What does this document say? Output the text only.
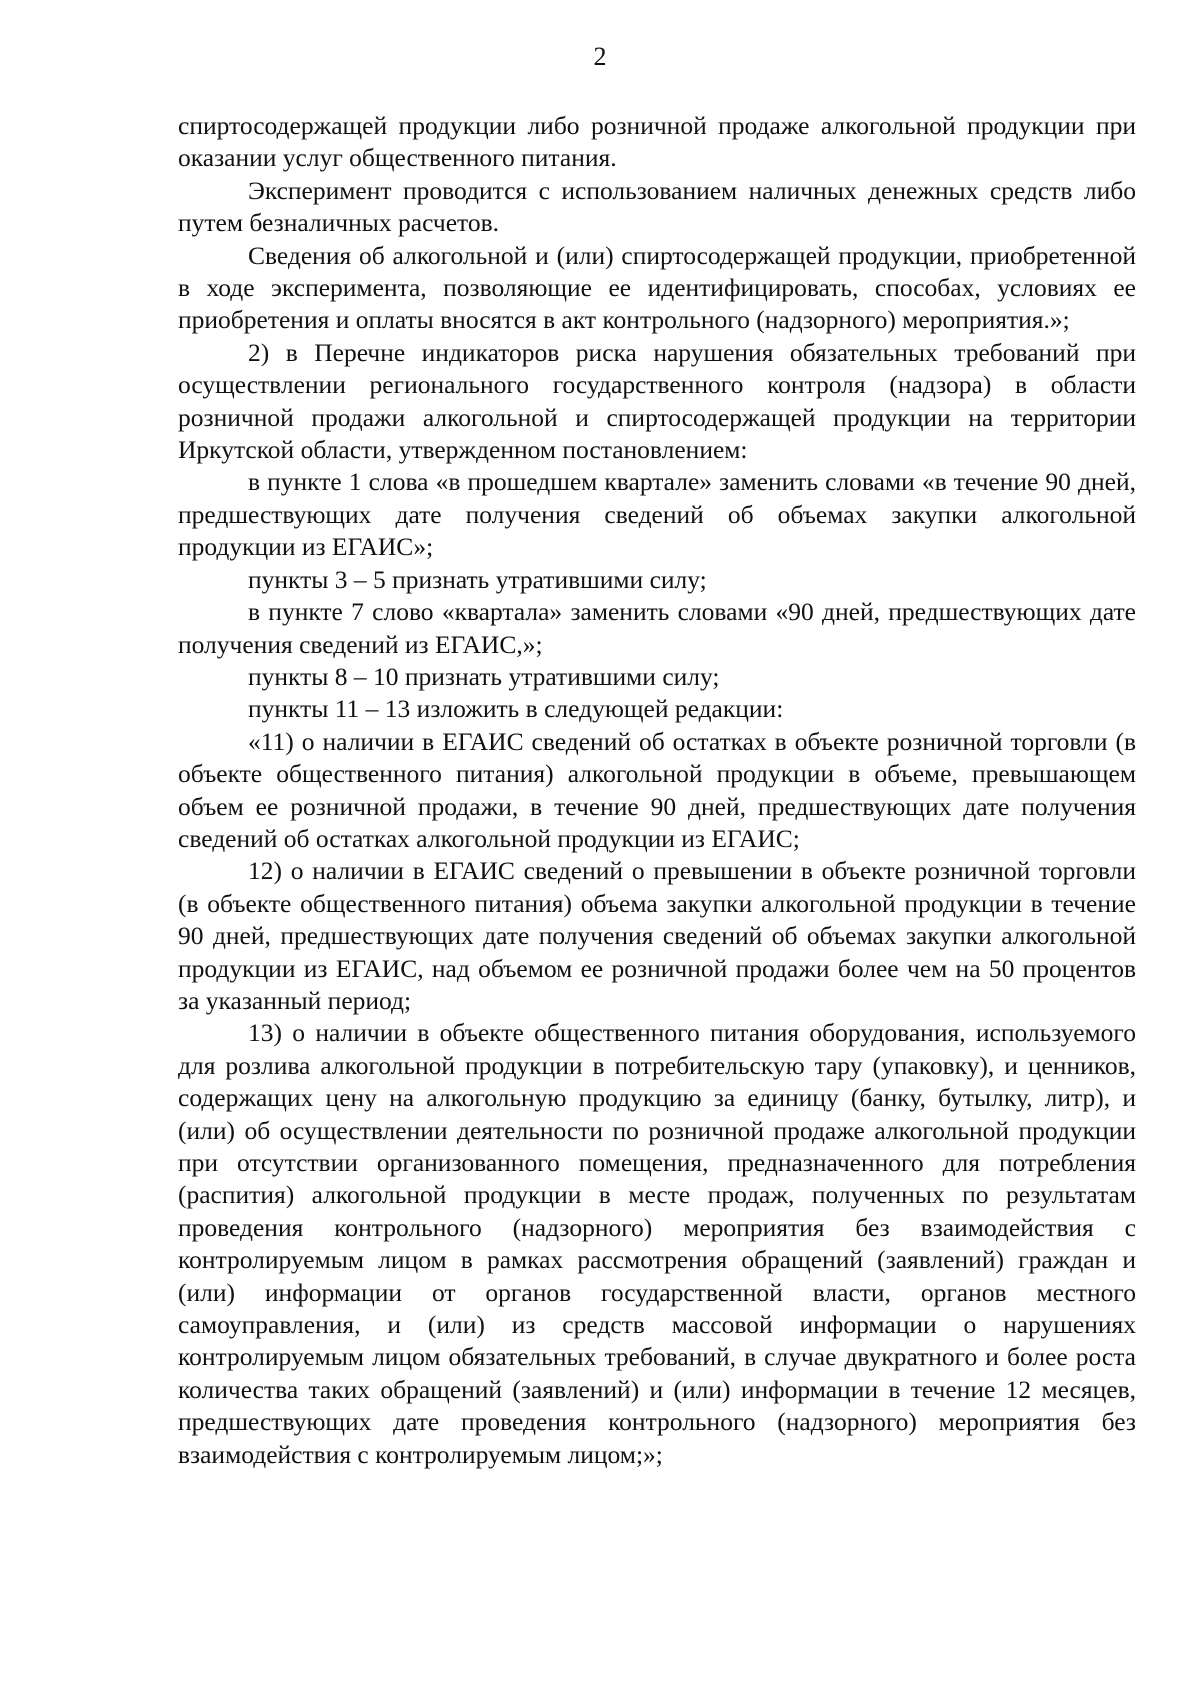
2

спиртосодержащей продукции либо розничной продаже алкогольной продукции при оказании услуг общественного питания.

Эксперимент проводится с использованием наличных денежных средств либо путем безналичных расчетов.

Сведения об алкогольной и (или) спиртосодержащей продукции, приобретенной в ходе эксперимента, позволяющие ее идентифицировать, способах, условиях ее приобретения и оплаты вносятся в акт контрольного (надзорного) мероприятия.»;

2) в Перечне индикаторов риска нарушения обязательных требований при осуществлении регионального государственного контроля (надзора) в области розничной продажи алкогольной и спиртосодержащей продукции на территории Иркутской области, утвержденном постановлением:

в пункте 1 слова «в прошедшем квартале» заменить словами «в течение 90 дней, предшествующих дате получения сведений об объемах закупки алкогольной продукции из ЕГАИС»;

пункты 3 – 5 признать утратившими силу;

в пункте 7 слово «квартала» заменить словами «90 дней, предшествующих дате получения сведений из ЕГАИС,»;

пункты 8 – 10 признать утратившими силу;

пункты 11 – 13 изложить в следующей редакции:

«11) о наличии в ЕГАИС сведений об остатках в объекте розничной торговли (в объекте общественного питания) алкогольной продукции в объеме, превышающем объем ее розничной продажи, в течение 90 дней, предшествующих дате получения сведений об остатках алкогольной продукции из ЕГАИС;

12) о наличии в ЕГАИС сведений о превышении в объекте розничной торговли (в объекте общественного питания) объема закупки алкогольной продукции в течение 90 дней, предшествующих дате получения сведений об объемах закупки алкогольной продукции из ЕГАИС, над объемом ее розничной продажи более чем на 50 процентов за указанный период;

13) о наличии в объекте общественного питания оборудования, используемого для розлива алкогольной продукции в потребительскую тару (упаковку), и ценников, содержащих цену на алкогольную продукцию за единицу (банку, бутылку, литр), и (или) об осуществлении деятельности по розничной продаже алкогольной продукции при отсутствии организованного помещения, предназначенного для потребления (распития) алкогольной продукции в месте продаж, полученных по результатам проведения контрольного (надзорного) мероприятия без взаимодействия с контролируемым лицом в рамках рассмотрения обращений (заявлений) граждан и (или) информации от органов государственной власти, органов местного самоуправления, и (или) из средств массовой информации о нарушениях контролируемым лицом обязательных требований, в случае двукратного и более роста количества таких обращений (заявлений) и (или) информации в течение 12 месяцев, предшествующих дате проведения контрольного (надзорного) мероприятия без взаимодействия с контролируемым лицом;»;
